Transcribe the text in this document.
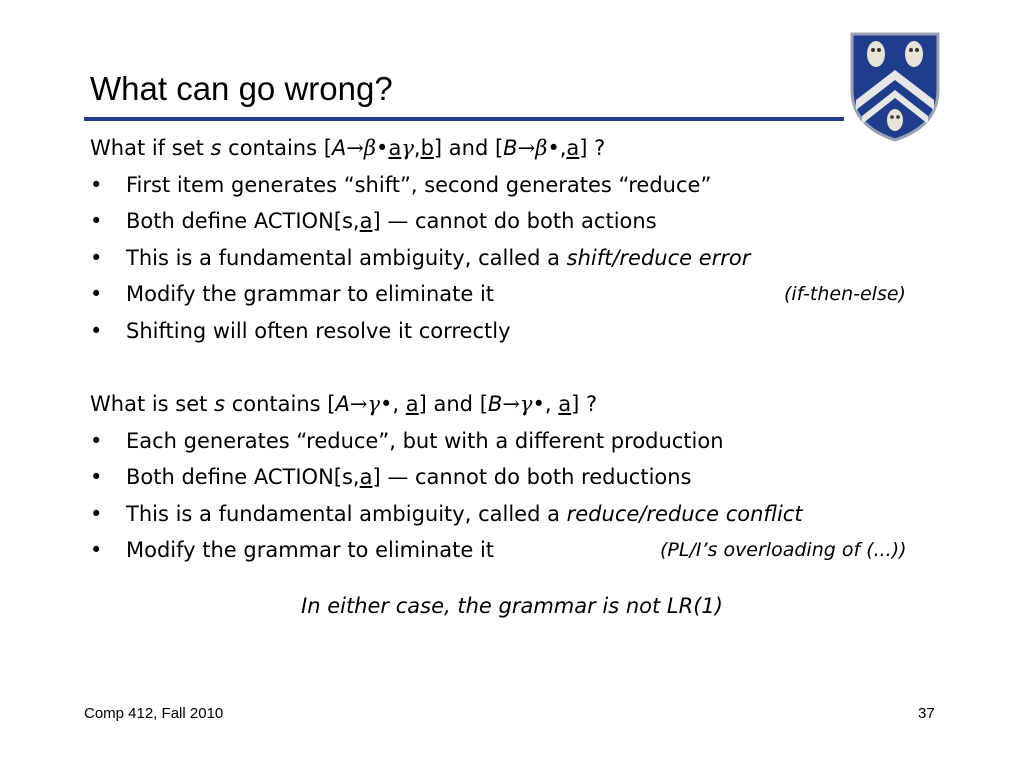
What can go wrong?
What if set s contains [A→β•aγ,b] and [B→β•,a] ?
• First item generates “shift”, second generates “reduce”
• Both define ACTION[s,a] — cannot do both actions
• This is a fundamental ambiguity, called a shift/reduce error
• Modify the grammar to eliminate it	(if-then-else)
• Shifting will often resolve it correctly
What is set s contains [A→γ•, a] and [B→γ•, a] ?
• Each generates “reduce”, but with a different production
• Both define ACTION[s,a] — cannot do both reductions
• This is a fundamental ambiguity, called a reduce/reduce conflict
• Modify the grammar to eliminate it	(PL/I’s overloading of (...))
In either case, the grammar is not LR(1)
Comp 412, Fall 2010	37
